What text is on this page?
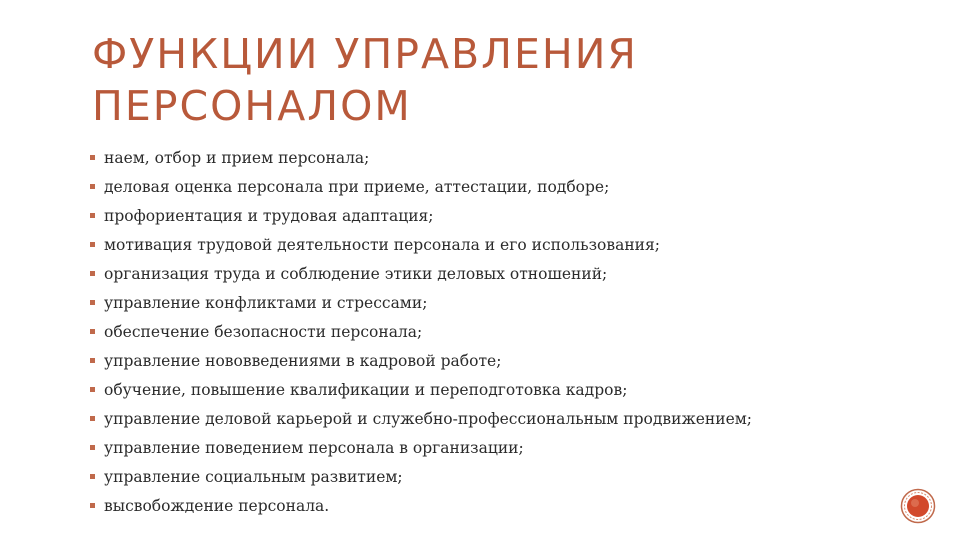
ФУНКЦИИ УПРАВЛЕНИЯ
ПЕРСОНАЛОМ
наем, отбор и прием персонала;
деловая оценка персонала при приеме, аттестации, подборе;
профориентация и трудовая адаптация;
мотивация трудовой деятельности персонала и его использования;
организация труда и соблюдение этики деловых отношений;
управление конфликтами и стрессами;
обеспечение безопасности персонала;
управление нововведениями в кадровой работе;
обучение, повышение квалификации и переподготовка кадров;
управление деловой карьерой и служебно-профессиональным продвижением;
управление поведением персонала в организации;
управление социальным развитием;
высвобождение персонала.
